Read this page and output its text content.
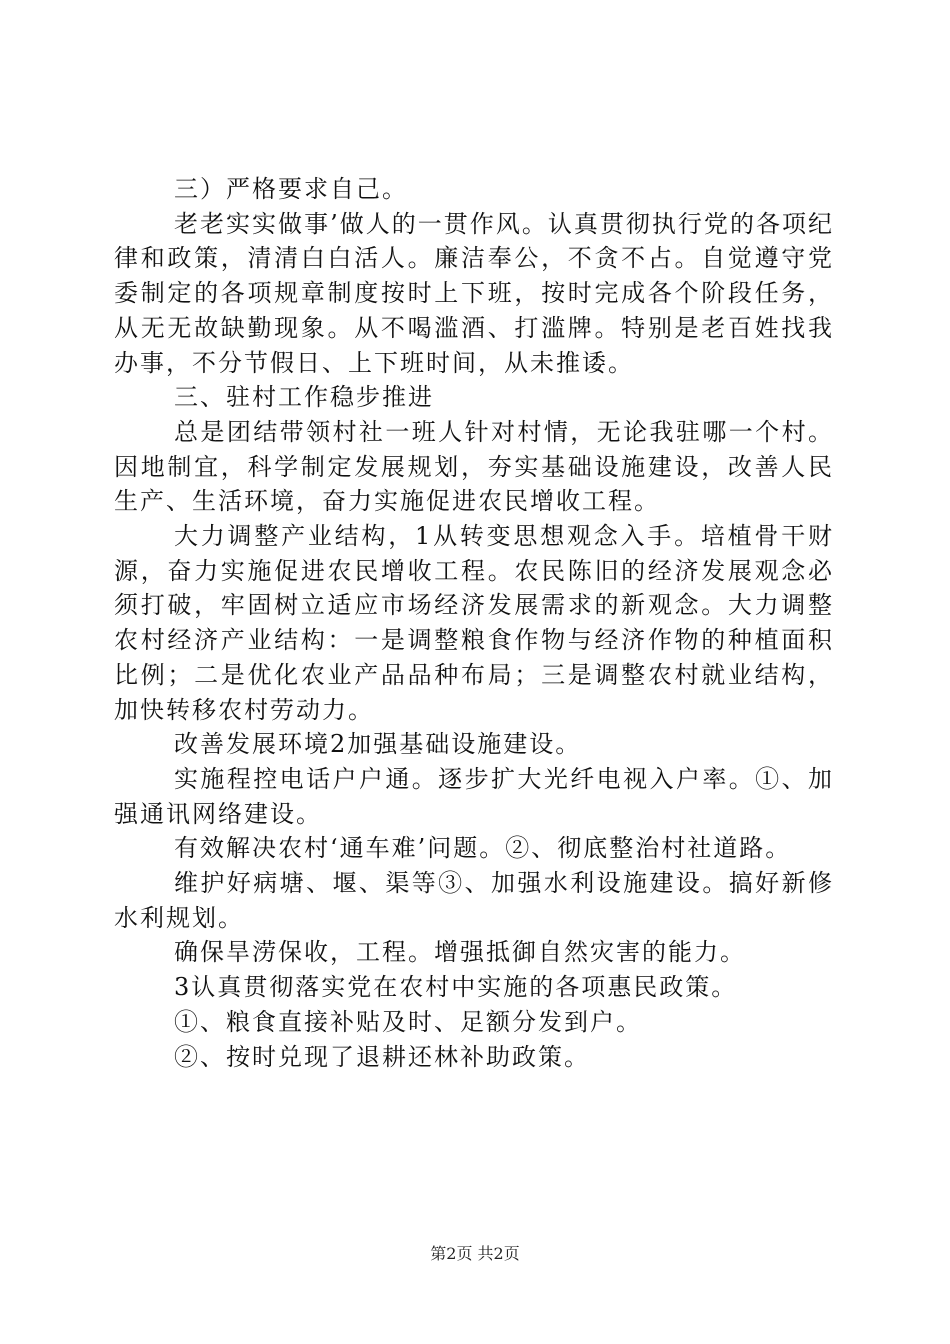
三）严格要求自己。

老老实实做事’做人的一贯作风。认真贯彻执行党的各项纪律和政策，清清白白活人。廉洁奉公，不贪不占。自觉遵守党委制定的各项规章制度按时上下班，按时完成各个阶段任务，从无无故缺勤现象。从不喝滥酒、打滥牌。特别是老百姓找我办事，不分节假日、上下班时间，从未推诿。

三、驻村工作稳步推进

总是团结带领村社一班人针对村情，无论我驻哪一个村。因地制宜，科学制定发展规划，夯实基础设施建设，改善人民生产、生活环境，奋力实施促进农民增收工程。

大力调整产业结构，1从转变思想观念入手。培植骨干财源，奋力实施促进农民增收工程。农民陈旧的经济发展观念必须打破，牢固树立适应市场经济发展需求的新观念。大力调整农村经济产业结构：一是调整粮食作物与经济作物的种植面积比例；二是优化农业产品品种布局；三是调整农村就业结构，加快转移农村劳动力。

改善发展环境2加强基础设施建设。

实施程控电话户户通。逐步扩大光纤电视入户率。①、加强通讯网络建设。

有效解决农村‘通车难’问题。②、彻底整治村社道路。

维护好病塘、堰、渠等③、加强水利设施建设。搞好新修水利规划。

确保旱涝保收，工程。增强抵御自然灾害的能力。

3认真贯彻落实党在农村中实施的各项惠民政策。

①、粮食直接补贴及时、足额分发到户。

②、按时兑现了退耕还林补助政策。

第2页 共2页
